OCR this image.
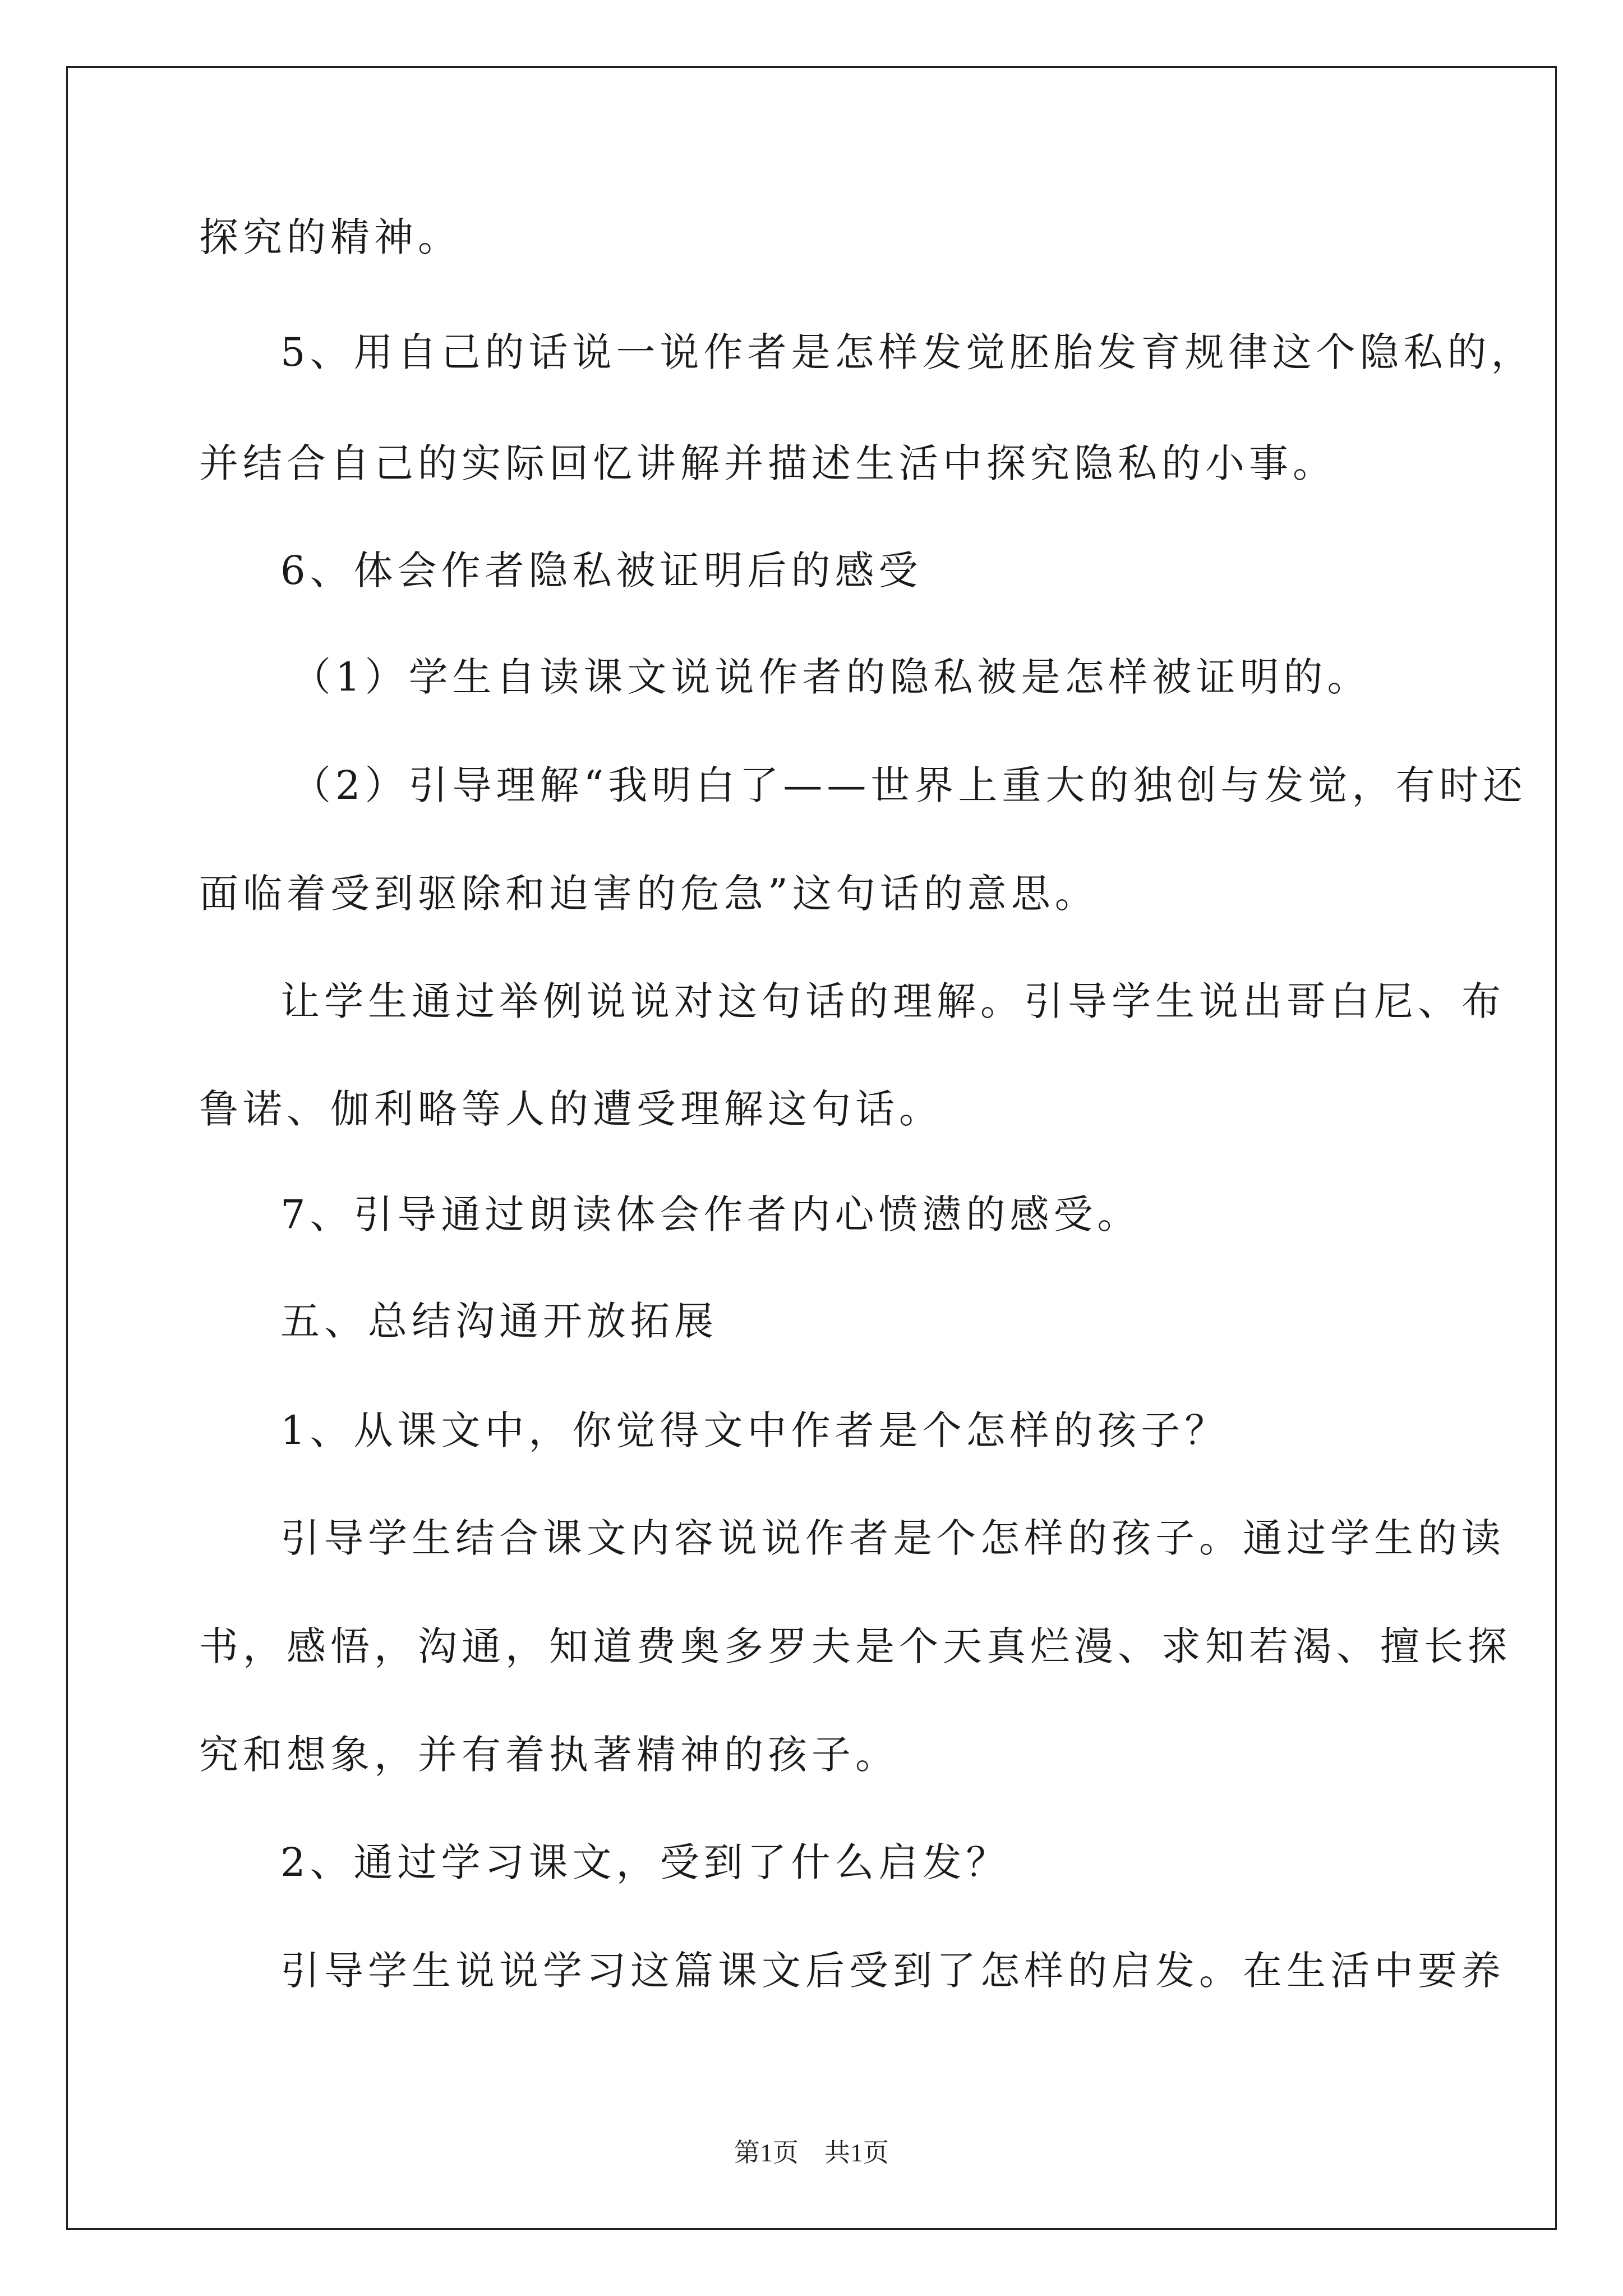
探究的精神。
5、用自己的话说一说作者是怎样发觉胚胎发育规律这个隐私的，
并结合自己的实际回忆讲解并描述生活中探究隐私的小事。
6、体会作者隐私被证明后的感受
（1）学生自读课文说说作者的隐私被是怎样被证明的。
（2）引导理解“我明白了——世界上重大的独创与发觉，有时还
面临着受到驱除和迫害的危急”这句话的意思。
让学生通过举例说说对这句话的理解。引导学生说出哥白尼、布
鲁诺、伽利略等人的遭受理解这句话。
7、引导通过朗读体会作者内心愤懑的感受。
五、总结沟通开放拓展
1、从课文中，你觉得文中作者是个怎样的孩子？
引导学生结合课文内容说说作者是个怎样的孩子。通过学生的读
书，感悟，沟通，知道费奥多罗夫是个天真烂漫、求知若渴、擅长探
究和想象，并有着执著精神的孩子。
2、通过学习课文，受到了什么启发？
引导学生说说学习这篇课文后受到了怎样的启发。在生活中要养
第1页　共1页
